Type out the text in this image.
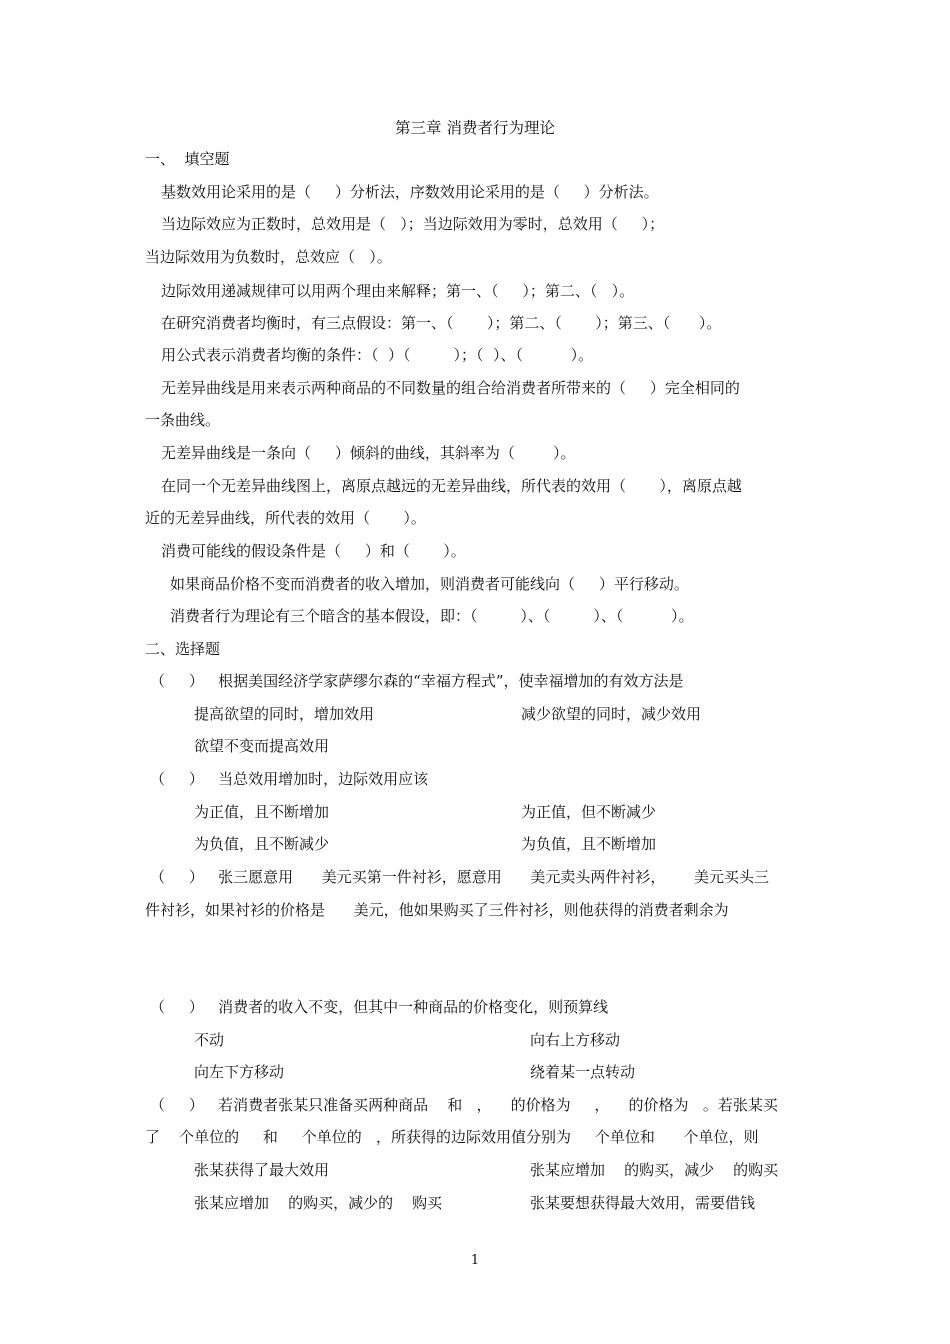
第三章 消费者行为理论
一、  填空题
基数效用论采用的是（     ）分析法，序数效用论采用的是（     ）分析法。
当边际效应为正数时，总效用是（   ）；当边际效用为零时，总效用（     ）；
当边际效用为负数时，总效应（   ）。
边际效用递减规律可以用两个理由来解释；第一、（     ）；第二、（   ）。
在研究消费者均衡时，有三点假设：第一、（       ）；第二、（       ）；第三、（      ）。
用公式表示消费者均衡的条件：（  ）（         ）；（  ）、（          ）。
无差异曲线是用来表示两种商品的不同数量的组合给消费者所带来的（     ）完全相同的
一条曲线。
无差异曲线是一条向（     ）倾斜的曲线，其斜率为（        ）。
在同一个无差异曲线图上，离原点越远的无差异曲线，所代表的效用（       ），离原点越
近的无差异曲线，所代表的效用（       ）。
消费可能线的假设条件是（     ）和（       ）。
如果商品价格不变而消费者的收入增加，则消费者可能线向（     ）平行移动。
消费者行为理论有三个暗含的基本假设，即：（         ）、（         ）、（          ）。
二、选择题
（     ）   根据美国经济学家萨缪尔森的“幸福方程式”，使幸福增加的有效方法是
提高欲望的同时，增加效用	减少欲望的同时，减少效用
欲望不变而提高效用
（     ）   当总效用增加时，边际效用应该
为正值，且不断增加	为正值，但不断减少
为负值，且不断减少	为负值，且不断增加
（     ）   张三愿意用      美元买第一件衬衫，愿意用      美元卖头两件衬衫，      美元买头三
件衬衫，如果衬衫的价格是      美元，他如果购买了三件衬衫，则他获得的消费者剩余为
（     ）   消费者的收入不变，但其中一种商品的价格变化，则预算线
不动	向右上方移动
向左下方移动	绕着某一点转动
（     ）   若消费者张某只准备买两种商品    和   ，    的价格为     ，    的价格为   。若张某买
了    个单位的     和     个单位的   ，所获得的边际效用值分别为     个单位和      个单位，则
张某获得了最大效用	张某应增加    的购买，减少    的购买
张某应增加    的购买，减少的    购买	张某要想获得最大效用，需要借钱
1
